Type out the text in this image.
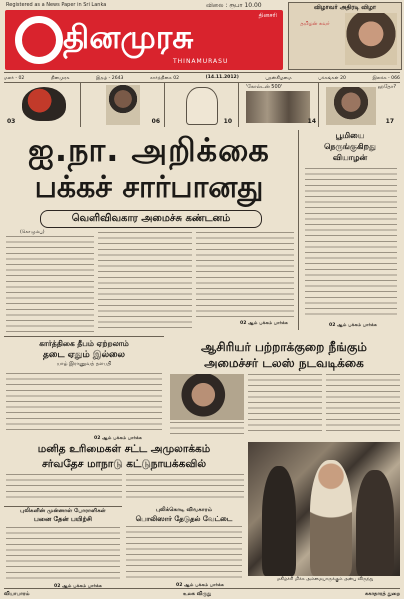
Registered as a News Paper in Sri Lanka
தினமுரசு
THINAMURASU
தினசரி
விலை : ரூபா 10.00	விழாவர் அதிரடி விழா
தமிழன் சுவர்
மலர் - 02	தினமுரசு	இதழ் - 2643	கார்த்திகை 02	(14.11.2012)	புதன்கிழமை	பக்கங்கள் 20	இலக்க - 066
03	06	10
'கோல்டன் 500'
14
ஹதோ?
17
ஐ.நா. அறிக்கை
பக்கச் சார்பானது
வெளிவிவகார அமைச்சு கண்டனம்
(கொழும்பு)
02 ஆம் பக்கம் பார்க்க
பூமியை
நெருங்குகிறது
வியாழன்
02 ஆம் பக்கம் பார்க்க
கார்த்திகை தீபம் ஏற்றலாம்
தடை ஏதும் இல்லை
யாழ் இராணுவத் தளபதி
02 ஆம் பக்கம் பார்க்க
ஆசிரியர் பற்றாக்குறை நீங்கும்
அமைச்சர் டலஸ் நடவடிக்கை
மனித உரிமைகள் சட்ட அமுலாக்கம்
சர்வதேச மாநாடு கட்டுநாயக்கவில்
புலிகளின் முன்னாள் போராளிகள்
பனை தேன் பயிற்சி
02 ஆம் பக்கம் பார்க்க
புலிக்கொடி விவகாரம்
பொலிஸார் தேடுதல் வேட்டை
02 ஆம் பக்கம் பார்க்க
மகிழ்ச்சி மிக்க அம்மையாருக்கும் அன்பு விருந்து
வியாபாரம்	உலக விருது	சுகாதாரத் துறை
